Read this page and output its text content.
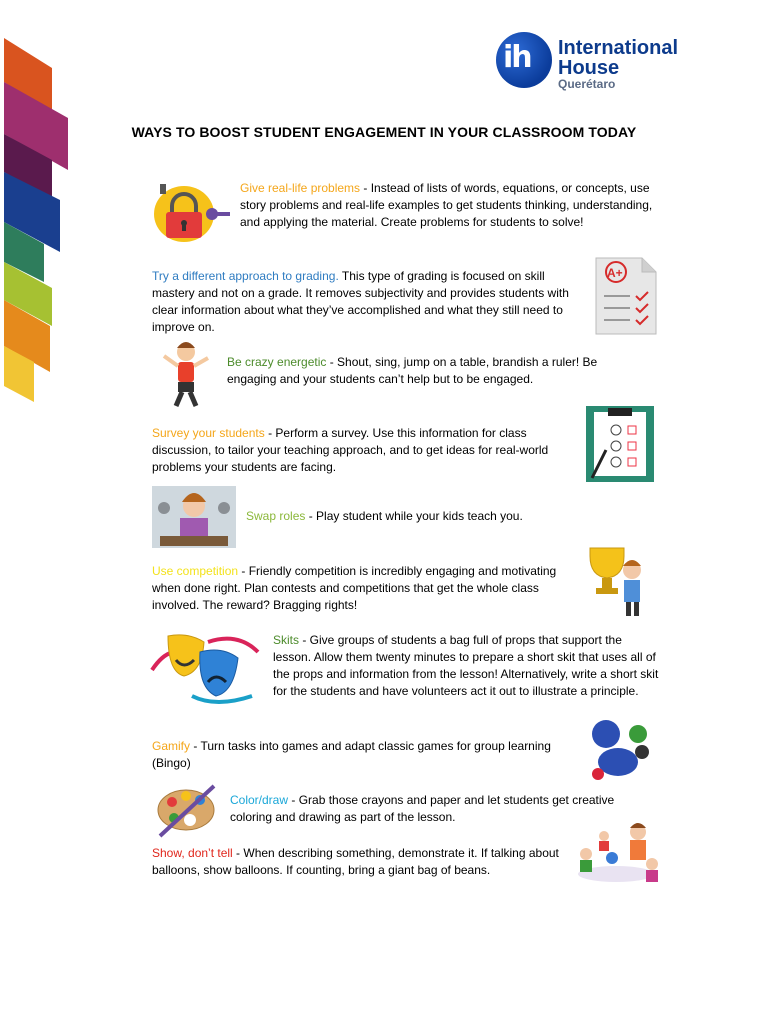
ih International
House
Querétaro
WAYS TO BOOST STUDENT ENGAGEMENT IN YOUR CLASSROOM TODAY
Give real-life problems - Instead of lists of words, equations, or concepts, use story problems and real-life examples to get students thinking, understanding, and applying the material. Create problems for students to solve!
Try a different approach to grading. This type of grading is focused on skill mastery and not on a grade. It removes subjectivity and provides students with clear information about what they’ve accomplished and what they still need to improve on.
A+
Be crazy energetic - Shout, sing, jump on a table, brandish a ruler! Be engaging and your students can’t help but to be engaged.
Survey your students - Perform a survey. Use this information for class discussion, to tailor your teaching approach, and to get ideas for real-world problems your students are facing.
Swap roles - Play student while your kids teach you.
Use competition - Friendly competition is incredibly engaging and motivating when done right. Plan contests and competitions that get the whole class involved. The reward? Bragging rights!
Skits - Give groups of students a bag full of props that support the lesson. Allow them twenty minutes to prepare a short skit that uses all of the props and information from the lesson! Alternatively, write a short skit for the students and have volunteers act it out to illustrate a principle.
Gamify - Turn tasks into games and adapt classic games for group learning (Bingo)
Color/draw - Grab those crayons and paper and let students get creative coloring and drawing as part of the lesson.
Show, don’t tell - When describing something, demonstrate it. If talking about balloons, show balloons. If counting, bring a giant bag of beans.
